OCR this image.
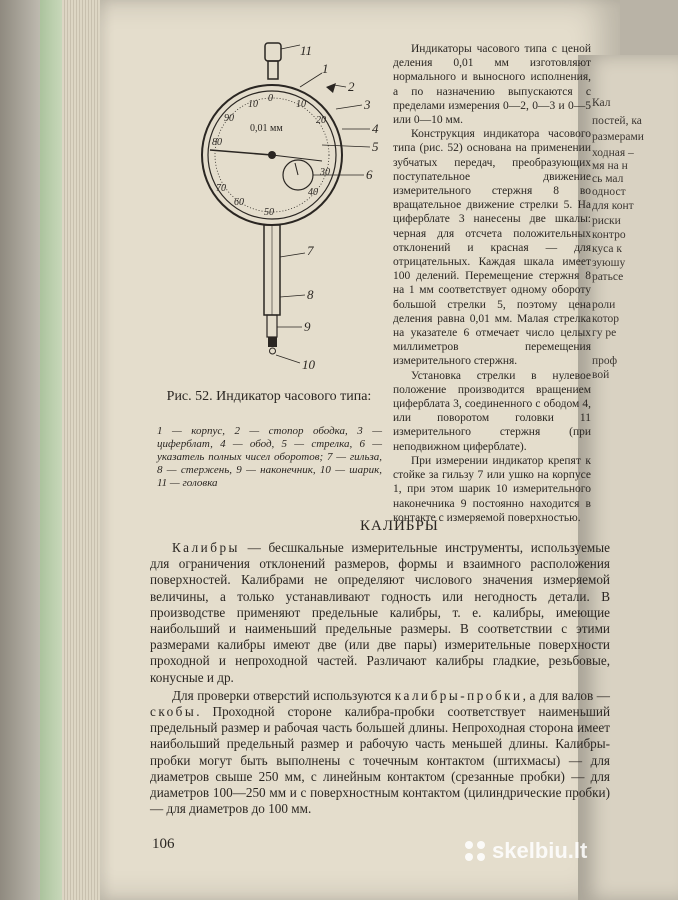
Кал
постей, ка
размерами
ходная –
мя на н
сь мал
одност
для конт
риски
контро
куса к
зуюшу
ратьсе
роли
котор
гу ре
проф
вой
0,01 мм
0
10
20
30
40
50
60
70
80
90
10
11
1
2
3
4
5
6
7
8
9
10
Рис. 52. Индикатор часового типа:
1 — корпус, 2 — стопор ободка, 3 — циферблат, 4 — обод, 5 — стрелка, 6 — указатель полных чисел оборотов; 7 — гильза, 8 — стержень, 9 — наконечник, 10 — шарик, 11 — головка

Индикаторы часового типа с ценой деления 0,01 мм изготовляют нормального и выносного исполнения, а по назначению выпускаются с пределами измерения 0—2, 0—3 и 0—5 или 0—10 мм.

Конструкция индикатора часового типа (рис. 52) основана на применении зубчатых передач, преобразующих поступательное движение измерительного стержня 8 во вращательное движение стрелки 5. На циферблате 3 нанесены две шкалы: черная для отсчета положительных отклонений и красная — для отрицательных. Каждая шкала имеет 100 делений. Перемещение стержня 8 на 1 мм соответствует одному обороту большой стрелки 5, поэтому цена деления равна 0,01 мм. Малая стрелка на указателе 6 отмечает число целых миллиметров перемещения измерительного стержня.

Установка стрелки в нулевое положение производится вращением циферблата 3, соединенного с ободом 4, или поворотом головки 11 измерительного стержня (при неподвижном циферблате).

При измерении индикатор крепят к стойке за гильзу 7 или ушко на корпусе 1, при этом шарик 10 измерительного наконечника 9 постоянно находится в контакте с измеряемой поверхностью.

КАЛИБРЫ

Калибры — бесшкальные измерительные инструменты, используемые для ограничения отклонений размеров, формы и взаимного расположения поверхностей. Калибрами не определяют числового значения измеряемой величины, а только устанавливают годность или негодность детали. В производстве применяют предельные калибры, т. е. калибры, имеющие наибольший и наименьший предельные размеры. В соответствии с этими размерами калибры имеют две (или две пары) измерительные поверхности проходной и непроходной частей. Различают калибры гладкие, резьбовые, конусные и др.

Для проверки отверстий используются калибры-пробки, а для валов — скобы. Проходной стороне калибра-пробки соответствует наименьший предельный размер и рабочая часть большей длины. Непроходная сторона имеет наибольший предельный размер и рабочую часть меньшей длины. Калибры-пробки могут быть выполнены с точечным контактом (штихмасы) — для диаметров свыше 250 мм, с линейным контактом (срезанные пробки) — для диаметров 100—250 мм и с поверхностным контактом (цилиндрические пробки) — для диаметров до 100 мм.

106	skelbiu.lt
